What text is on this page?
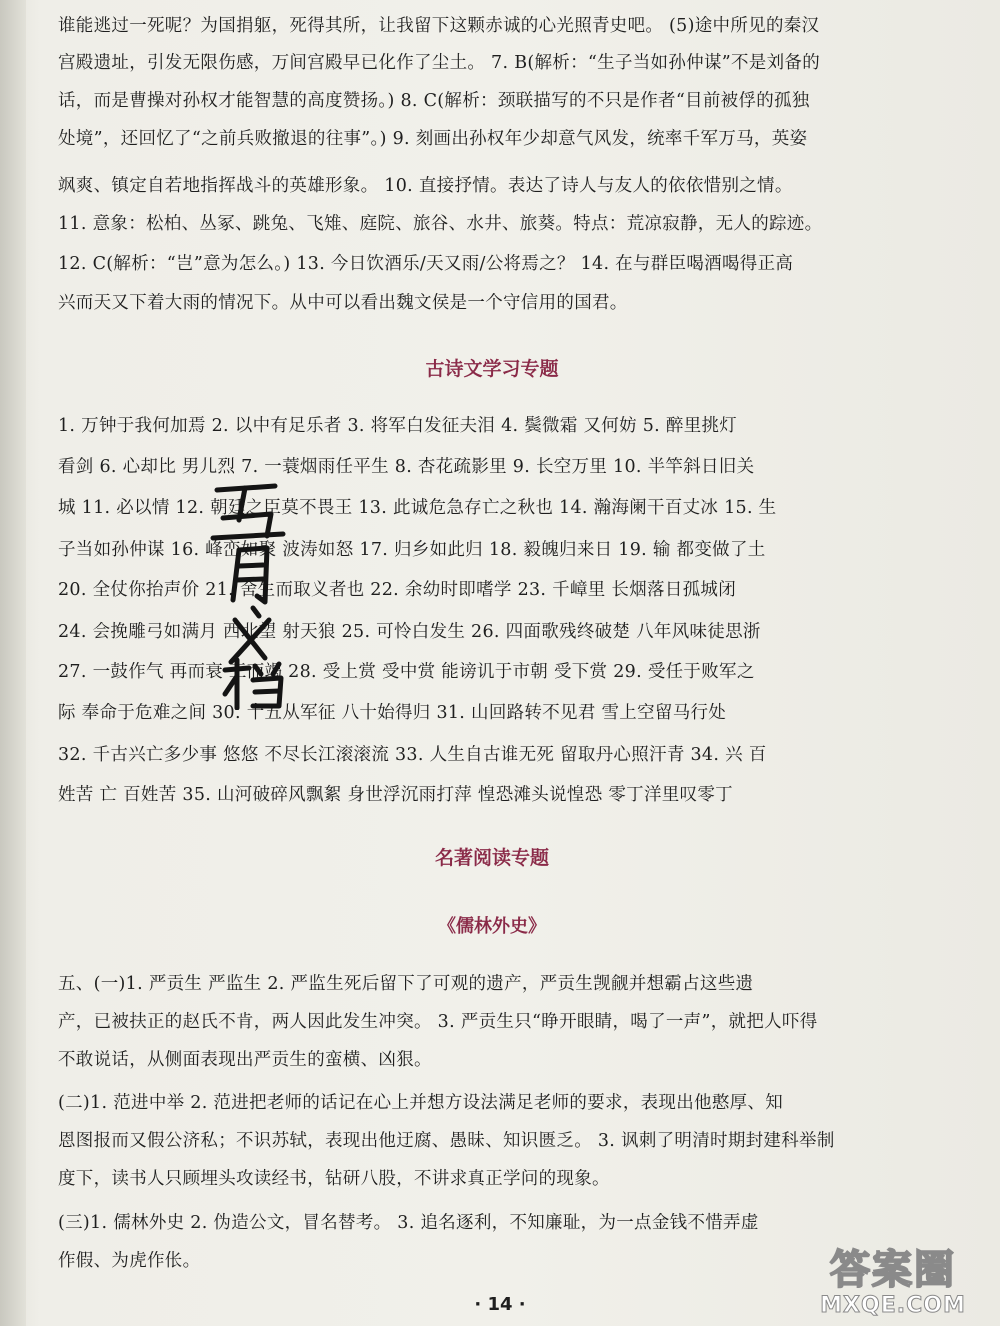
谁能逃过一死呢？为国捐躯，死得其所，让我留下这颗赤诚的心光照青史吧。 (5)途中所见的秦汉
宫殿遗址，引发无限伤感，万间宫殿早已化作了尘土。 7. B(解析：“生子当如孙仲谋”不是刘备的
话，而是曹操对孙权才能智慧的高度赞扬。) 8. C(解析：颈联描写的不只是作者“目前被俘的孤独
处境”，还回忆了“之前兵败撤退的往事”。) 9. 刻画出孙权年少却意气风发，统率千军万马，英姿
飒爽、镇定自若地指挥战斗的英雄形象。 10. 直接抒情。表达了诗人与友人的依依惜别之情。
11. 意象：松柏、丛冢、跳兔、飞雉、庭院、旅谷、水井、旅葵。特点：荒凉寂静，无人的踪迹。
12. C(解析：“岂”意为怎么。) 13. 今日饮酒乐/天又雨/公将焉之？ 14. 在与群臣喝酒喝得正高
兴而天又下着大雨的情况下。从中可以看出魏文侯是一个守信用的国君。
古诗文学习专题
1. 万钟于我何加焉 2. 以中有足乐者 3. 将军白发征夫泪 4. 鬓微霜 又何妨 5. 醉里挑灯
看剑 6. 心却比 男儿烈 7. 一蓑烟雨任平生 8. 杏花疏影里 9. 长空万里 10. 半竿斜日旧关
城 11. 必以情 12. 朝廷之臣莫不畏王 13. 此诚危急存亡之秋也 14. 瀚海阑干百丈冰 15. 生
子当如孙仲谋 16. 峰峦如聚 波涛如怒 17. 归乡如此归 18. 毅魄归来日 19. 输 都变做了土
20. 全仗你抬声价 21. 舍生而取义者也 22. 余幼时即嗜学 23. 千嶂里 长烟落日孤城闭
24. 会挽雕弓如满月 西北望 射天狼 25. 可怜白发生 26. 四面歌残终破楚 八年风味徒思浙
27. 一鼓作气 再而衰 三而竭 28. 受上赏 受中赏 能谤讥于市朝 受下赏 29. 受任于败军之
际 奉命于危难之间 30. 十五从军征 八十始得归 31. 山回路转不见君 雪上空留马行处
32. 千古兴亡多少事 悠悠 不尽长江滚滚流 33. 人生自古谁无死 留取丹心照汗青 34. 兴 百
姓苦 亡 百姓苦 35. 山河破碎风飘絮 身世浮沉雨打萍 惶恐滩头说惶恐 零丁洋里叹零丁
名著阅读专题
《儒林外史》
五、(一)1. 严贡生 严监生 2. 严监生死后留下了可观的遗产，严贡生觊觎并想霸占这些遗
产，已被扶正的赵氏不肯，两人因此发生冲突。 3. 严贡生只“睁开眼睛，喝了一声”，就把人吓得
不敢说话，从侧面表现出严贡生的蛮横、凶狠。
(二)1. 范进中举 2. 范进把老师的话记在心上并想方设法满足老师的要求，表现出他憨厚、知
恩图报而又假公济私；不识苏轼，表现出他迂腐、愚昧、知识匮乏。 3. 讽刺了明清时期封建科举制
度下，读书人只顾埋头攻读经书，钻研八股，不讲求真正学问的现象。
(三)1. 儒林外史 2. 伪造公文，冒名替考。 3. 追名逐利，不知廉耻，为一点金钱不惜弄虚
作假、为虎作伥。
· 14 ·
答案圈
MXQE.COM
